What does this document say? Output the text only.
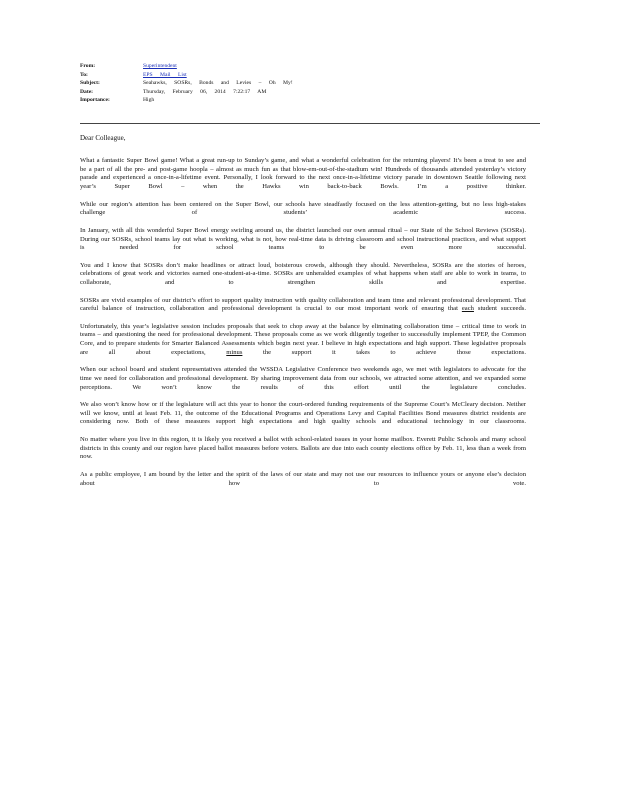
From:	Superintendent
To:	EPS Mail List
Subject:	Seahawks, SOSRs, Bonds and Levies – Oh My!
Date:	Thursday, February 06, 2014 7:22:17 AM
Importance:	High

Dear Colleague,

What a fantastic Super Bowl game! What a great run-up to Sunday’s game, and what a wonderful celebration for the returning players! It’s been a treat to see and be a part of all the pre- and post-game hoopla – almost as much fun as that blow-em-out-of-the-stadium win! Hundreds of thousands attended yesterday’s victory parade and experienced a once-in-a-lifetime event. Personally, I look forward to the next once-in-a-lifetime victory parade in downtown Seattle following next year’s Super Bowl – when the Hawks win back-to-back Bowls. I’m a positive thinker.

While our region’s attention has been centered on the Super Bowl, our schools have steadfastly focused on the less attention-getting, but no less high-stakes challenge of students’ academic success.

In January, with all this wonderful Super Bowl energy swirling around us, the district launched our own annual ritual – our State of the School Reviews (SOSRs). During our SOSRs, school teams lay out what is working, what is not, how real-time data is driving classroom and school instructional practices, and what support is needed for school teams to be even more successful.

You and I know that SOSRs don’t make headlines or attract loud, boisterous crowds, although they should. Nevertheless, SOSRs are the stories of heroes, celebrations of great work and victories earned one-student-at-a-time. SOSRs are unheralded examples of what happens when staff are able to work in teams, to collaborate, and to strengthen skills and expertise.

SOSRs are vivid examples of our district’s effort to support quality instruction with quality collaboration and team time and relevant professional development. That careful balance of instruction, collaboration and professional development is crucial to our most important work of ensuring that each student succeeds.

Unfortunately, this year’s legislative session includes proposals that seek to chop away at the balance by eliminating collaboration time – critical time to work in teams – and questioning the need for professional development. These proposals come as we work diligently together to successfully implement TPEP, the Common Core, and to prepare students for Smarter Balanced Assessments which begin next year. I believe in high expectations and high support. These legislative proposals are all about expectations, minus the support it takes to achieve those expectations.

When our school board and student representatives attended the WSSDA Legislative Conference two weekends ago, we met with legislators to advocate for the time we need for collaboration and professional development. By sharing improvement data from our schools, we attracted some attention, and we expanded some perceptions. We won’t know the results of this effort until the legislature concludes.

We also won’t know how or if the legislature will act this year to honor the court-ordered funding requirements of the Supreme Court’s McCleary decision. Neither will we know, until at least Feb. 11, the outcome of the Educational Programs and Operations Levy and Capital Facilities Bond measures district residents are considering now. Both of these measures support high expectations and high quality schools and educational technology in our classrooms.

No matter where you live in this region, it is likely you received a ballot with school-related issues in your home mailbox. Everett Public Schools and many school districts in this county and our region have placed ballot measures before voters. Ballots are due into each county elections office by Feb. 11, less than a week from now.

As a public employee, I am bound by the letter and the spirit of the laws of our state and may not use our resources to influence yours or anyone else’s decision about how to vote.
